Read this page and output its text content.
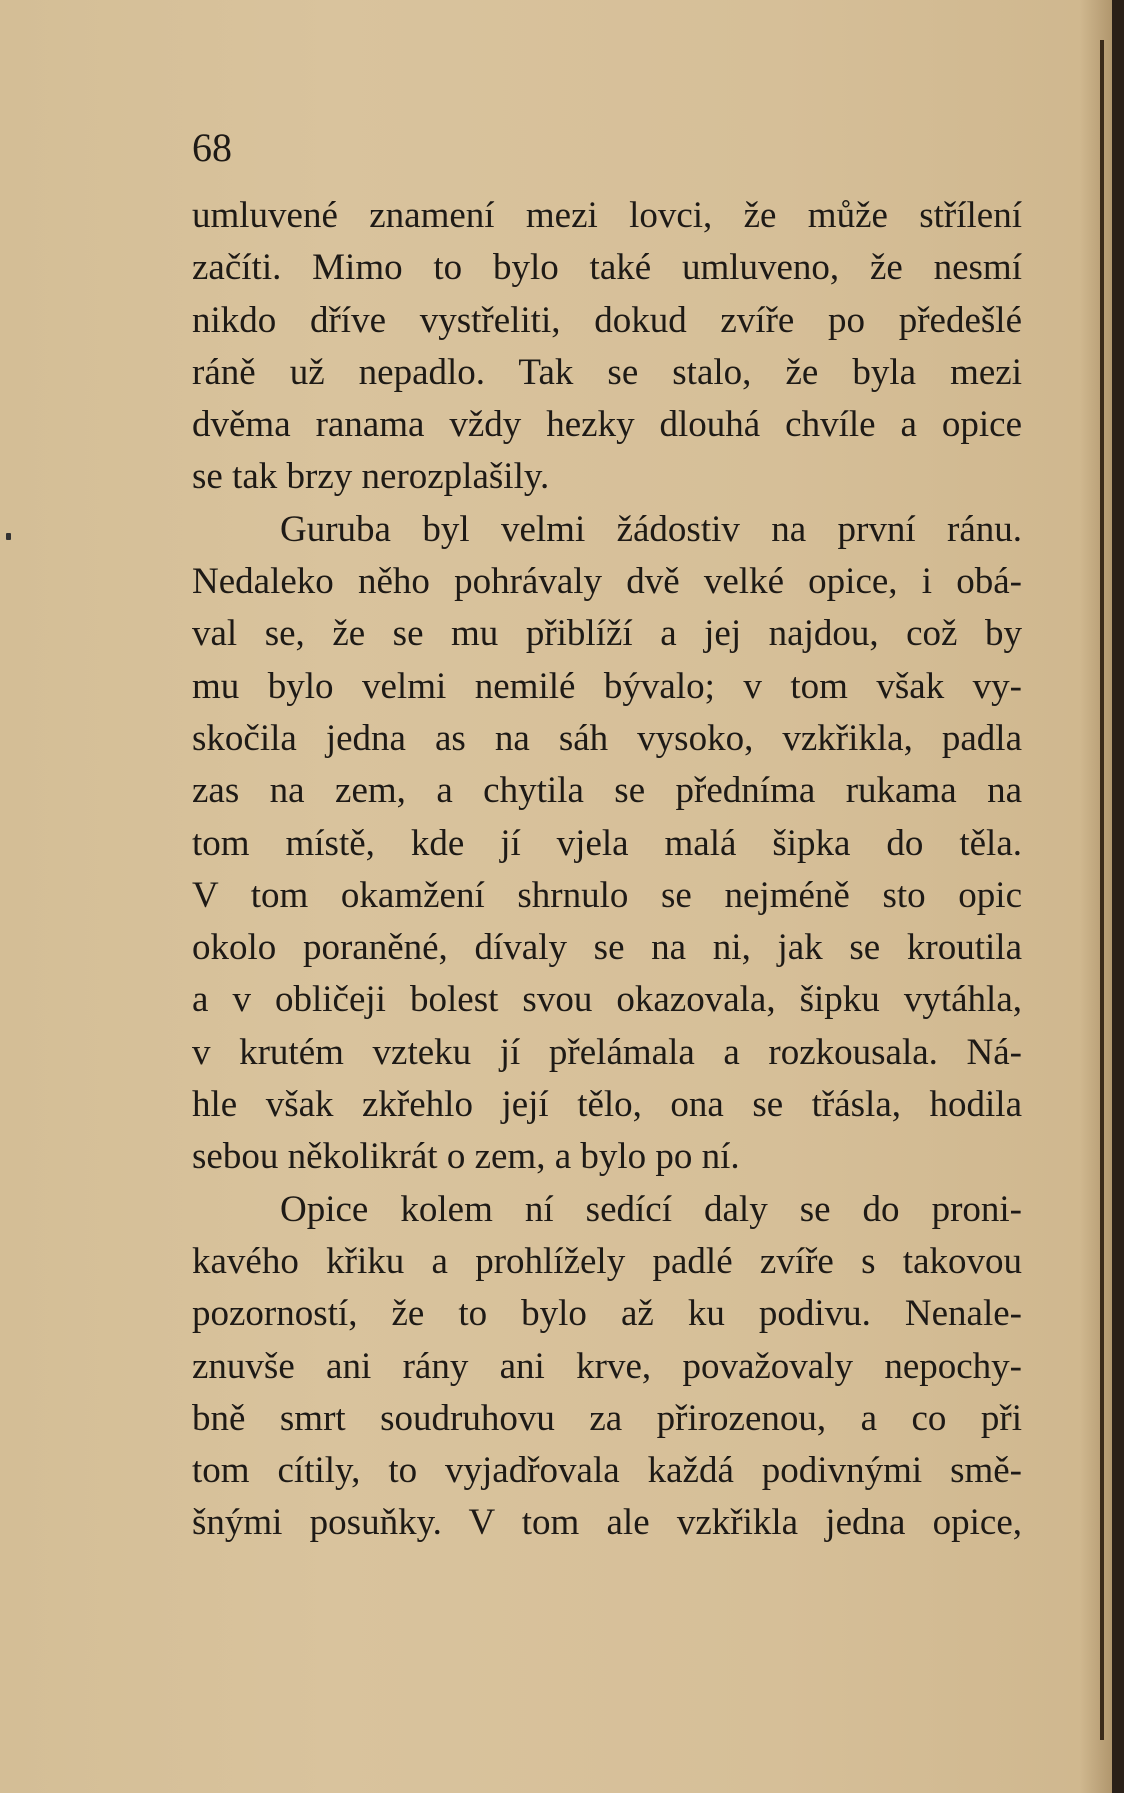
68
umluvené znamení mezi lovci, že může střílení
začíti. Mimo to bylo také umluveno, že nesmí
nikdo dříve vystřeliti, dokud zvíře po předešlé
ráně už nepadlo. Tak se stalo, že byla mezi
dvěma ranama vždy hezky dlouhá chvíle a opice
se tak brzy nerozplašily.
Guruba byl velmi žádostiv na první ránu.
Nedaleko něho pohrávaly dvě velké opice, i obá-
val se, že se mu přiblíží a jej najdou, což by
mu bylo velmi nemilé bývalo; v tom však vy-
skočila jedna as na sáh vysoko, vzkřikla, padla
zas na zem, a chytila se předníma rukama na
tom místě, kde jí vjela malá šipka do těla.
V tom okamžení shrnulo se nejméně sto opic
okolo poraněné, dívaly se na ni, jak se kroutila
a v obličeji bolest svou okazovala, šipku vytáhla,
v krutém vzteku jí přelámala a rozkousala. Ná-
hle však zkřehlo její tělo, ona se třásla, hodila
sebou několikrát o zem, a bylo po ní.
Opice kolem ní sedící daly se do proni-
kavého křiku a prohlížely padlé zvíře s takovou
pozorností, že to bylo až ku podivu. Nenale-
znuvše ani rány ani krve, považovaly nepochy-
bně smrt soudruhovu za přirozenou, a co při
tom cítily, to vyjadřovala každá podivnými smě-
šnými posuňky. V tom ale vzkřikla jedna opice,
